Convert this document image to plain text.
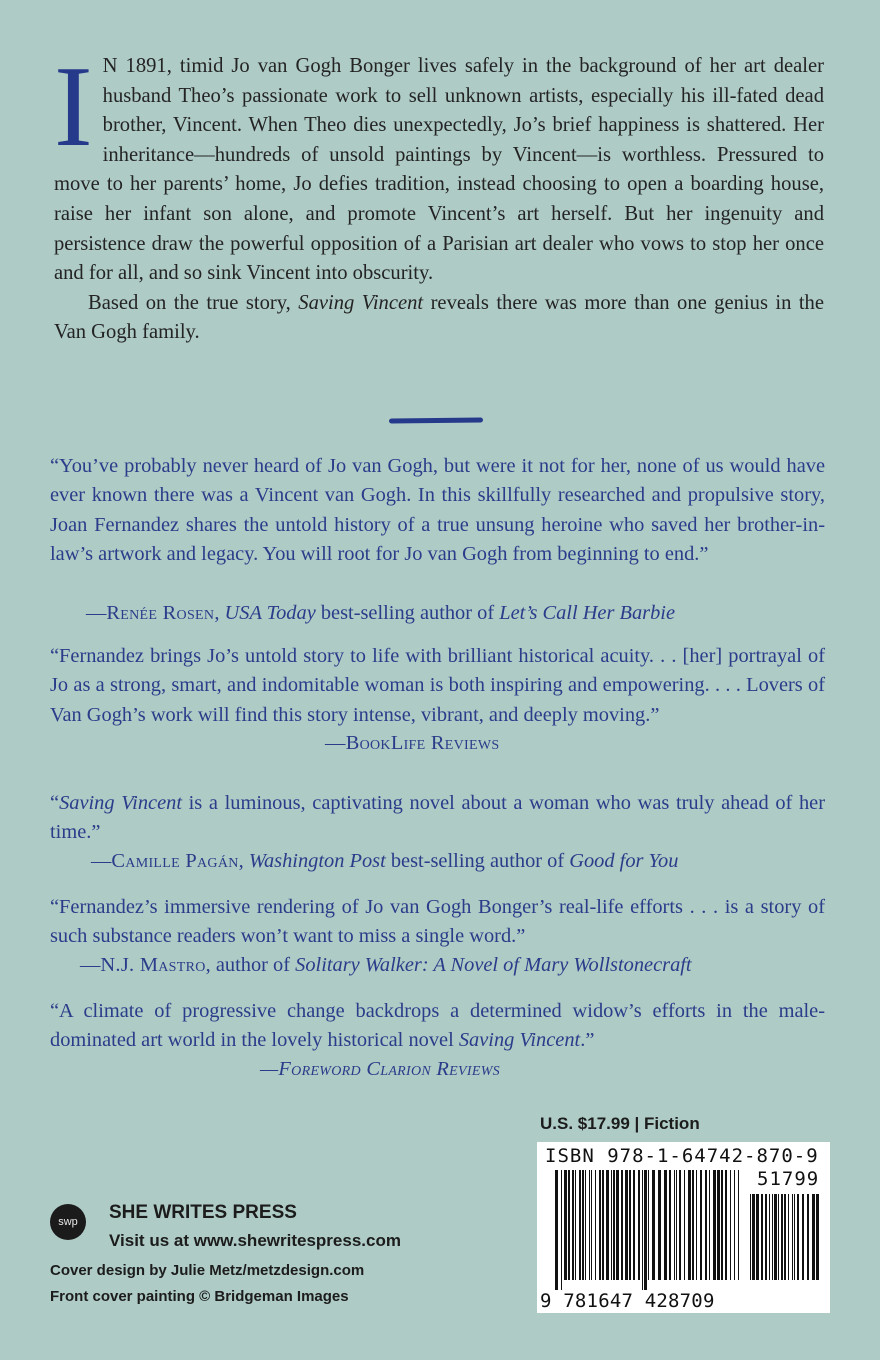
I N 1891, timid Jo van Gogh Bonger lives safely in the background of her art dealer husband Theo’s passionate work to sell unknown artists, especially his ill-fated dead brother, Vincent. When Theo dies unexpectedly, Jo’s brief happiness is shattered. Her inheritance—hundreds of unsold paintings by Vincent—is worthless. Pressured to move to her parents’ home, Jo defies tradition, instead choosing to open a boarding house, raise her infant son alone, and promote Vincent’s art herself. But her ingenuity and persistence draw the powerful opposition of a Parisian art dealer who vows to stop her once and for all, and so sink Vincent into obscurity.

Based on the true story, Saving Vincent reveals there was more than one genius in the Van Gogh family.

“You’ve probably never heard of Jo van Gogh, but were it not for her, none of us would have ever known there was a Vincent van Gogh. In this skillfully researched and propulsive story, Joan Fernandez shares the untold history of a true unsung heroine who saved her brother-in-law’s artwork and legacy. You will root for Jo van Gogh from beginning to end.”

—Renée Rosen, USA Today best-selling author of Let’s Call Her Barbie

“Fernandez brings Jo’s untold story to life with brilliant historical acuity. . . [her] portrayal of Jo as a strong, smart, and indomitable woman is both inspiring and empowering. . . . Lovers of Van Gogh’s work will find this story intense, vibrant, and deeply moving.”

—BookLife Reviews

“Saving Vincent is a luminous, captivating novel about a woman who was truly ahead of her time.”

—Camille Pagán, Washington Post best-selling author of Good for You

“Fernandez’s immersive rendering of Jo van Gogh Bonger’s real-life efforts . . . is a story of such substance readers won’t want to miss a single word.”

—N.J. Mastro, author of Solitary Walker: A Novel of Mary Wollstonecraft

“A climate of progressive change backdrops a determined widow’s efforts in the male-dominated art world in the lovely historical novel Saving Vincent.”

—Foreword Clarion Reviews
swp	SHE WRITES PRESS
Visit us at www.shewritespress.com
Cover design by Julie Metz/metzdesign.com
Front cover painting © Bridgeman Images
U.S. $17.99 | Fiction
ISBN 978-1-64742-870-9
51799
9 781647 428709
